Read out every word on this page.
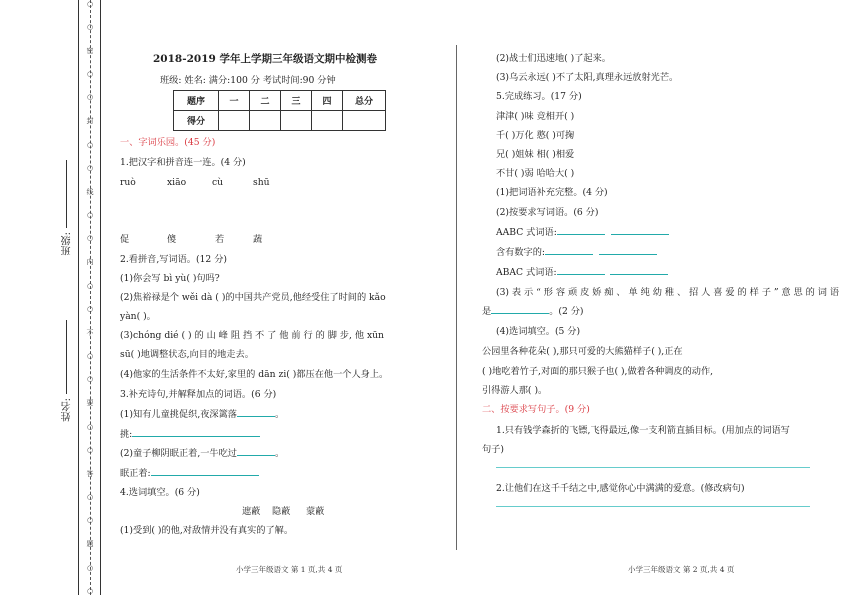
○
○
密
○
○
封
○
○
线
○
○
内
○
○
不
○
○
要
○
○
答
○
○
题
○
○
班级:
姓名:
2018-2019 学年上学期三年级语文期中检测卷
班级: 姓名: 满分:100 分 考试时间:90 分钟
题序	一	二	三	四	总分
得分					
一、字词乐园。(45 分)
1.把汉字和拼音连一连。(4 分)
ruò	xiāo	cù	shū
促	傻	若	蔬
2.看拼音,写词语。(12 分)
(1)你会写 bì yù( )句吗?
(2)焦裕禄是个 wěi dà ( )的中国共产党员,他经受住了时间的 kǎo
yàn( )。
(3)chóng dié ( ) 的 山 峰 阻 挡 不 了 他 前 行 的 脚 步, 他 xūn
sū( )地调整状态,向目的地走去。
(4)他家的生活条件不太好,家里的 dān zi( )都压在他一个人身上。
3.补充诗句,并解释加点的词语。(6 分)
(1)知有儿童挑促织,夜深篱落	。
挑:
(2)童子柳阴眠正着,一牛吃过	。
眠正着:
4.选词填空。(6 分)
遮蔽 隐蔽 蒙蔽
(1)受到( )的他,对敌情并没有真实的了解。
小学三年级语文 第 1 页,共 4 页
(2)战士们迅速地( )了起来。
(3)乌云永远( )不了太阳,真理永远放射光芒。
5.完成练习。(17 分)
津津( )味 竞相开( )
千( )万化 憨( )可掬
兄( )姐妹 相( )相爱
不甘( )弱 哈哈大( )
(1)把词语补充完整。(4 分)
(2)按要求写词语。(6 分)
AABC 式词语:
含有数字的:
ABAC 式词语:
(3) 表 示 “ 形 容 顽 皮 娇 痴 、 单 纯 幼 稚 、 招 人 喜 爱 的 样 子 ” 意 思 的 词 语
是	。(2 分)
(4)选词填空。(5 分)
公园里各种花朵( ),那只可爱的大熊猫样子( ),正在
( )地吃着竹子,对面的那只猴子也( ),做着各种调皮的动作,
引得游人那( )。
二、按要求写句子。(9 分)
1.只有钱学森折的飞镖,飞得最远,像一支利箭直插目标。(用加点的词语写
句子)
2.让他们在这千千结之中,感觉你心中满满的爱意。(修改病句)
小学三年级语文 第 2 页,共 4 页
